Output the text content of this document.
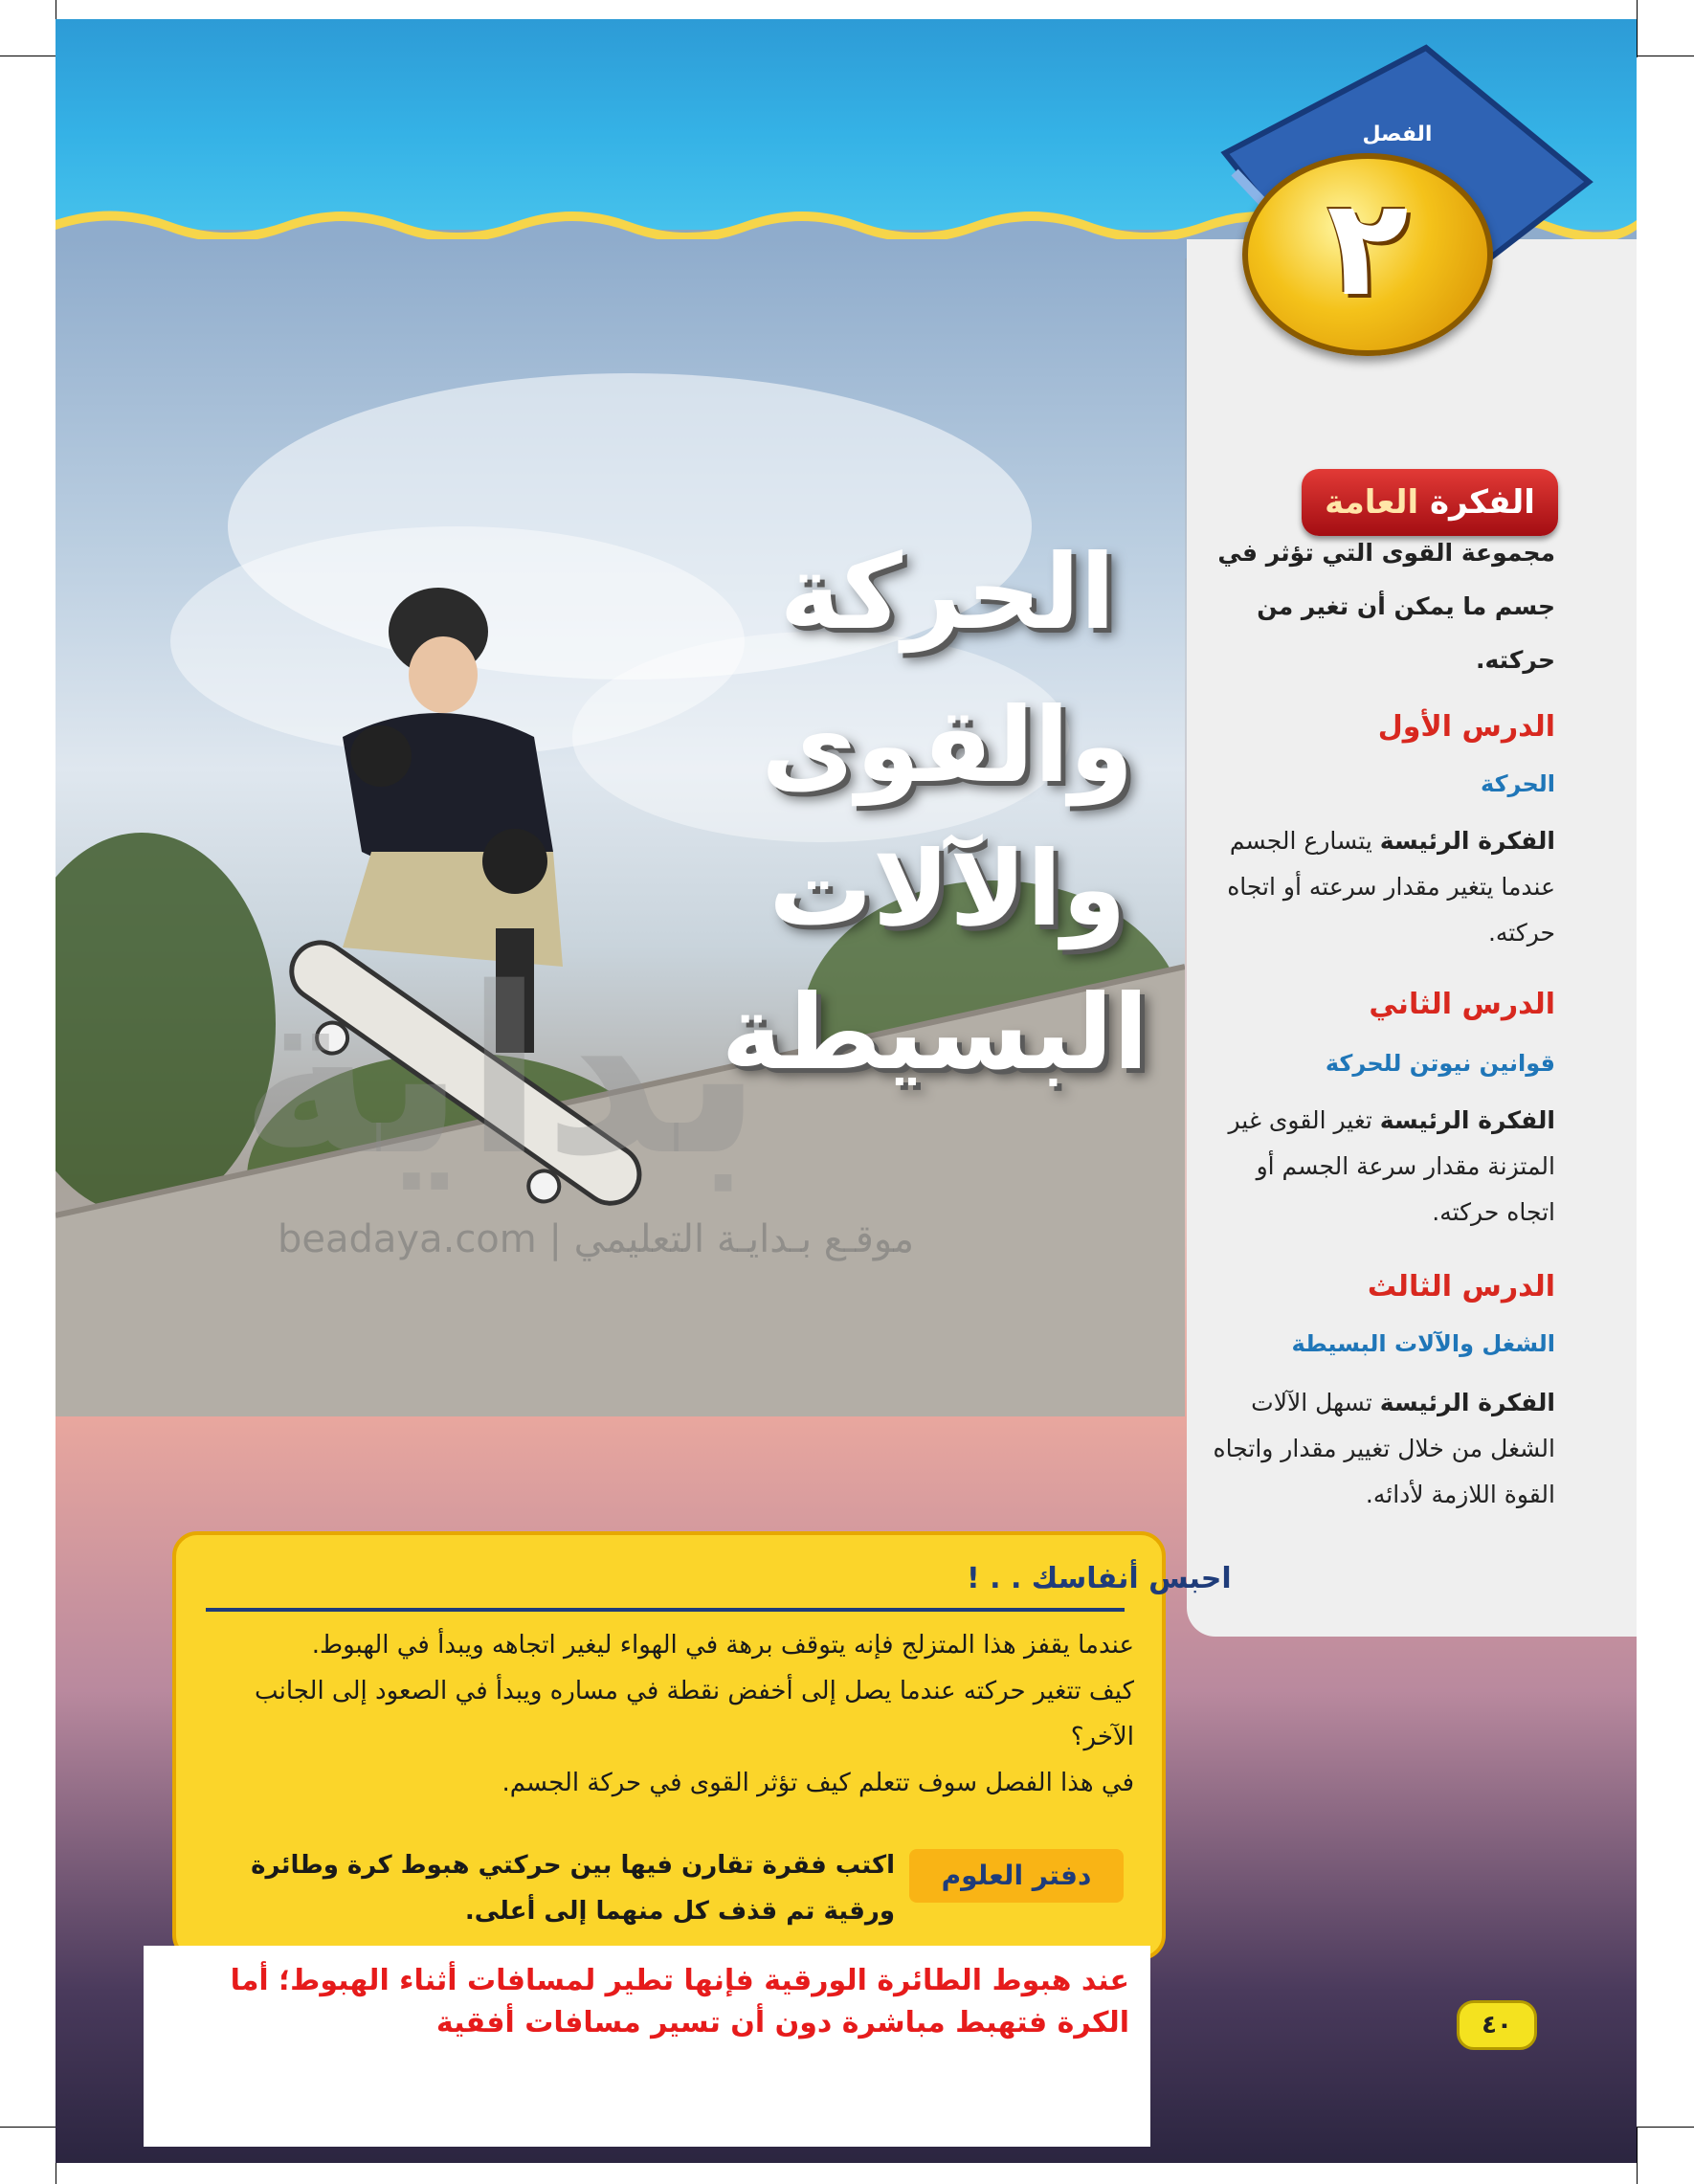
الفصل
٢
الحركة
والقوى
والآلات
البسيطة
بداية
beadaya.com | موقـع بـدايـة التعليمي
الفكرة العامة
مجموعة القوى التي تؤثر في جسم ما يمكن أن تغير من حركته.
الدرس الأول
الحركة
الفكرة الرئيسة يتسارع الجسم عندما يتغير مقدار سرعته أو اتجاه حركته.
الدرس الثاني
قوانين نيوتن للحركة
الفكرة الرئيسة تغير القوى غير المتزنة مقدار سرعة الجسم أو اتجاه حركته.
الدرس الثالث
الشغل والآلات البسيطة
الفكرة الرئيسة تسهل الآلات الشغل من خلال تغيير مقدار واتجاه القوة اللازمة لأدائه.
احبس أنفاسك . . !
عندما يقفز هذا المتزلج فإنه يتوقف برهة في الهواء ليغير اتجاهه ويبدأ في الهبوط.
كيف تتغير حركته عندما يصل إلى أخفض نقطة في مساره ويبدأ في الصعود إلى الجانب الآخر؟
في هذا الفصل سوف تتعلم كيف تؤثر القوى في حركة الجسم.
دفتر العلوم
اكتب فقرة تقارن فيها بين حركتي هبوط كرة وطائرة ورقية تم قذف كل منهما إلى أعلى.
عند هبوط الطائرة الورقية فإنها تطير لمسافات أثناء الهبوط؛ أما الكرة فتهبط مباشرة دون أن تسير مسافات أفقية	٤٠
